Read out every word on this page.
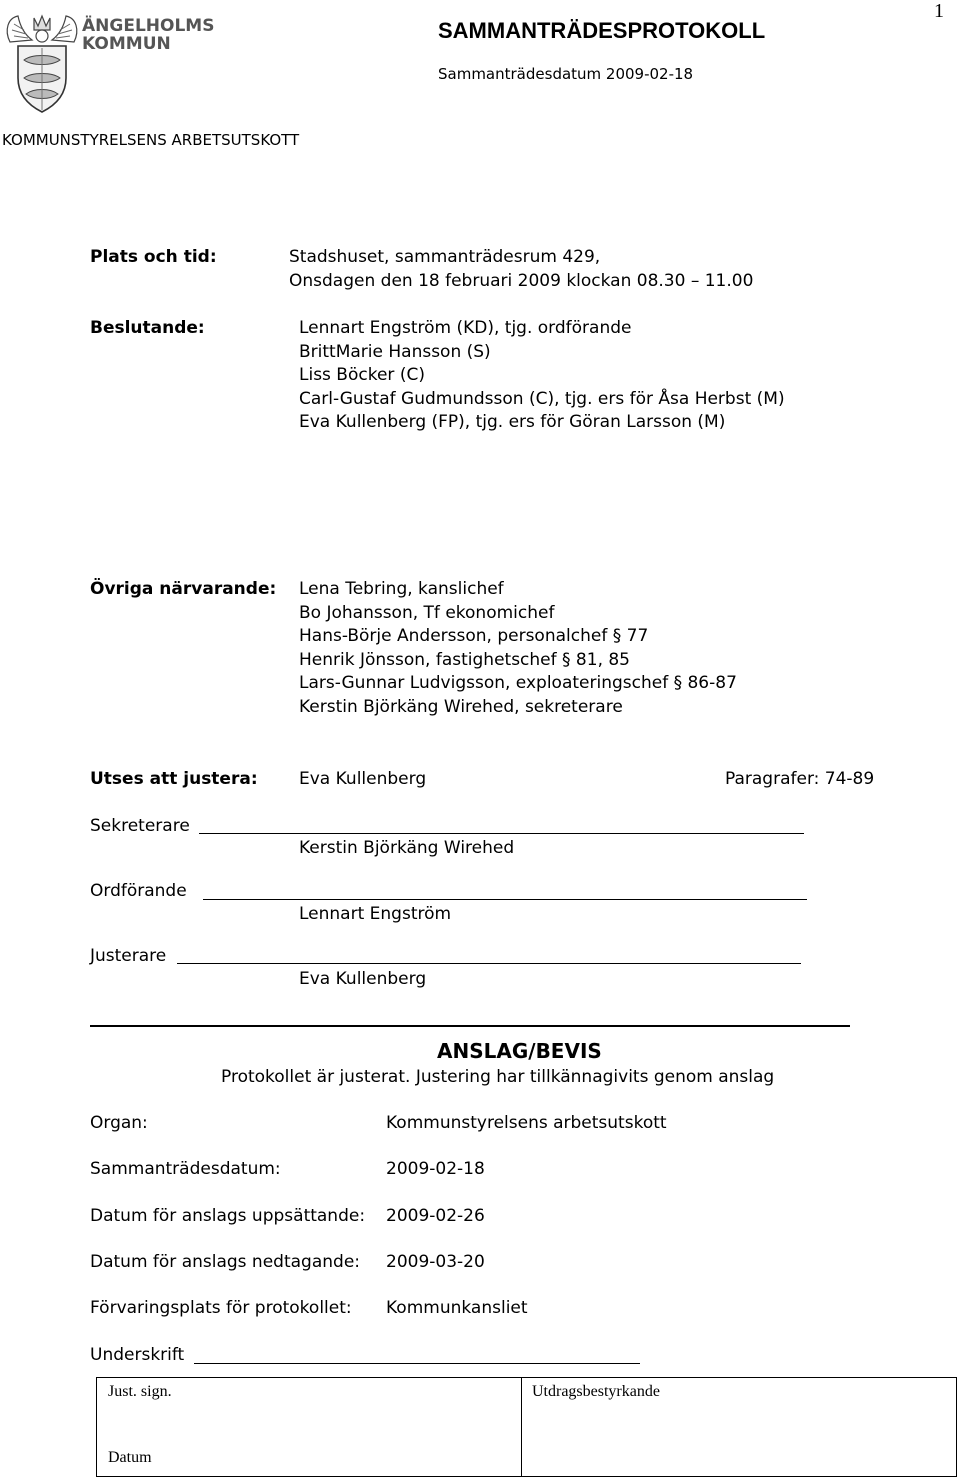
1
ÄNGELHOLMS
KOMMUN
SAMMANTRÄDESPROTOKOLL
Sammanträdesdatum 2009-02-18
KOMMUNSTYRELSENS ARBETSUTSKOTT
Plats och tid:	Stadshuset, sammanträdesrum 429,
Onsdagen den 18 februari 2009 klockan 08.30 – 11.00
Beslutande:	Lennart Engström (KD), tjg. ordförande
BrittMarie Hansson (S)
Liss Böcker (C)
Carl-Gustaf Gudmundsson (C), tjg. ers för Åsa Herbst (M)
Eva Kullenberg (FP), tjg. ers för Göran Larsson (M)
Övriga närvarande: Lena Tebring, kanslichef
Bo Johansson, Tf ekonomichef
Hans-Börje Andersson, personalchef § 77
Henrik Jönsson, fastighetschef § 81, 85
Lars-Gunnar Ludvigsson, exploateringschef § 86-87
Kerstin Björkäng Wirehed, sekreterare
Utses att justera: Eva Kullenberg	Paragrafer: 74-89
Sekreterare
Kerstin Björkäng Wirehed
Ordförande
Lennart Engström
Justerare
Eva Kullenberg
ANSLAG/BEVIS
Protokollet är justerat. Justering har tillkännagivits genom anslag
Organ:	Kommunstyrelsens arbetsutskott
Sammanträdesdatum:	2009-02-18
Datum för anslags uppsättande: 2009-02-26
Datum för anslags nedtagande: 2009-03-20
Förvaringsplats för protokollet: Kommunkansliet
Underskrift
Just. sign.
Datum
Utdragsbestyrkande
